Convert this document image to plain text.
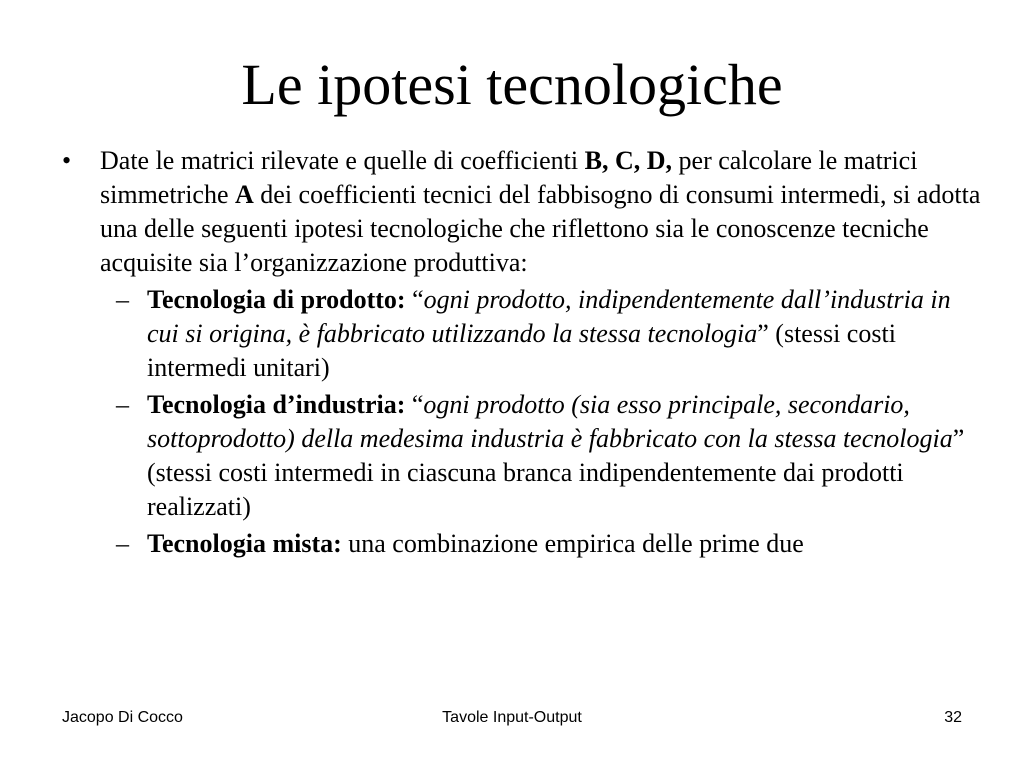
Le ipotesi tecnologiche
• Date le matrici rilevate e quelle di coefficienti B, C, D, per calcolare le matrici simmetriche A dei coefficienti tecnici del fabbisogno di consumi intermedi, si adotta una delle seguenti ipotesi tecnologiche che riflettono sia le conoscenze tecniche acquisite sia l’organizzazione produttiva:
– Tecnologia di prodotto: “ogni prodotto, indipendentemente dall’industria in cui si origina, è fabbricato utilizzando la stessa tecnologia” (stessi costi intermedi unitari)
– Tecnologia d’industria: “ogni prodotto (sia esso principale, secondario, sottoprodotto) della medesima industria è fabbricato con la stessa tecnologia” (stessi costi intermedi in ciascuna branca indipendentemente dai prodotti realizzati)
– Tecnologia mista: una combinazione empirica delle prime due
Jacopo Di Cocco	Tavole Input-Output	32
